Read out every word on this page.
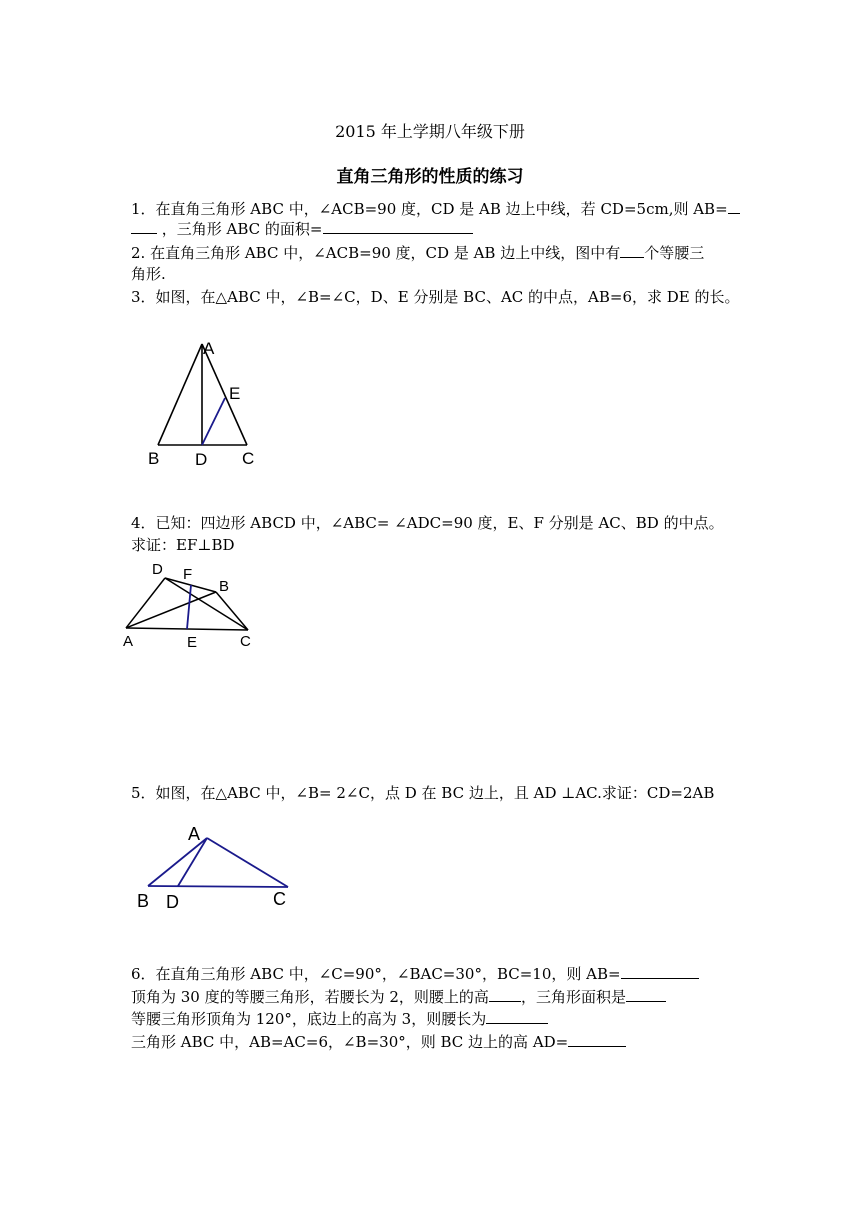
2015 年上学期八年级下册
直角三角形的性质的练习
1．在直角三角形 ABC 中，∠ACB=90 度，CD 是 AB 边上中线，若 CD=5cm,则 AB=
，三角形 ABC 的面积=
2. 在直角三角形 ABC 中，∠ACB=90 度，CD 是 AB 边上中线，图中有 个等腰三
角形.
3．如图，在△ABC 中，∠B=∠C，D、E 分别是 BC、AC 的中点，AB=6，求 DE 的长。
A
E
B D C
4．已知：四边形 ABCD 中，∠ABC= ∠ADC=90 度，E、F 分别是 AC、BD 的中点。
求证：EF⊥BD
D F
B
A	E	C
5．如图，在△ABC 中，∠B= 2∠C，点 D 在 BC 边上，且 AD ⊥AC.求证：CD=2AB
A
B D	C
6．在直角三角形 ABC 中，∠C=90°，∠BAC=30°，BC=10，则 AB=
顶角为 30 度的等腰三角形，若腰长为 2，则腰上的高 ，三角形面积是
等腰三角形顶角为 120°，底边上的高为 3，则腰长为
三角形 ABC 中，AB=AC=6，∠B=30°，则 BC 边上的高 AD=
